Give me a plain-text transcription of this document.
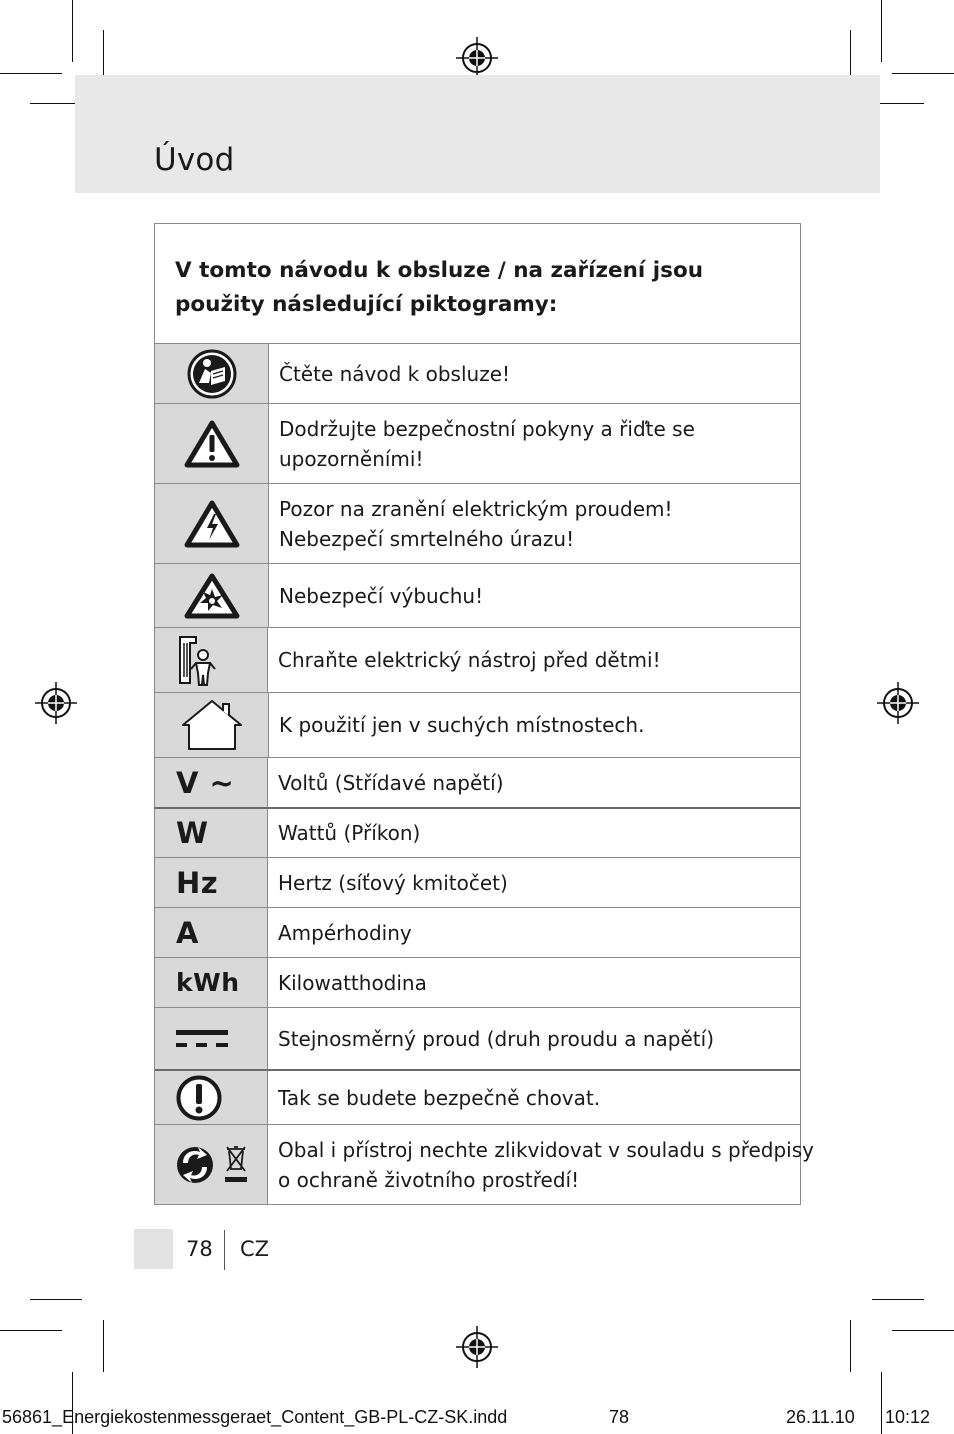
Úvod
V tomto návodu k obsluze / na zařízení jsou
použity následující piktogramy:
Čtěte návod k obsluze!
Dodržujte bezpečnostní pokyny a řiďte se
upozorněními!
Pozor na zranění elektrickým proudem!
Nebezpečí smrtelného úrazu!
Nebezpečí výbuchu!
Chraňte elektrický nástroj před dětmi!
K použití jen v suchých místnostech.
V ~ Voltů (Střídavé napětí)
W	Wattů (Příkon)
Hz	Hertz (síťový kmitočet)
A	Ampérhodiny
kWh Kilowatthodina
Stejnosměrný proud (druh proudu a napětí)
Tak se budete bezpečně chovat.
Obal i přístroj nechte zlikvidovat v souladu s předpisy
o ochraně životního prostředí!
78 CZ
56861_Energiekostenmessgeraet_Content_GB-PL-CZ-SK.indd	78	26.11.10 10:12
